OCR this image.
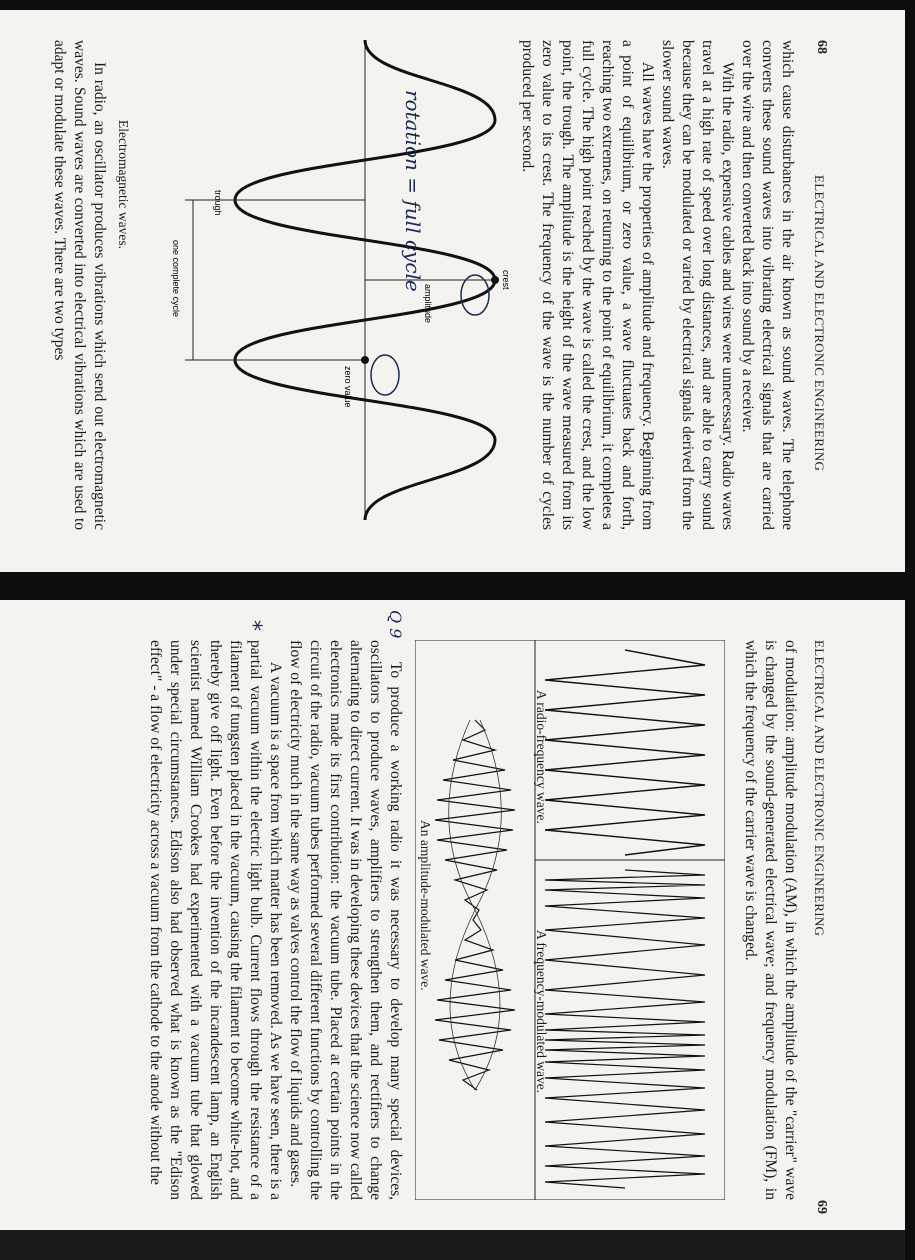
68
ELECTRICAL AND ELECTRONIC ENGINEERING

which cause disturbances in the air known as sound waves. The telephone converts these sound waves into vibrating electrical signals that are carried over the wire and then converted back into sound by a receiver.

With the radio, expensive cables and wires were unnecessary. Radio waves travel at a high rate of speed over long distances, and are able to carry sound because they can be modulated or varied by electrical signals derived from the slower sound waves.

All waves have the properties of amplitude and frequency. Beginning from a point of equilibrium, or zero value, a wave fluctuates back and forth, reaching two extremes, on returning to the point of equilibrium, it completes a full cycle. The high point reached by the wave is called the crest, and the low point, the trough. The amplitude is the height of the wave measured from its zero value to its crest. The frequency of the wave is the number of cycles produced per second.

crest
amplitude
zero value
trough
one complete cycle
Electromagnetic waves.
In radio, an oscillator produces vibrations which send out electromagnetic waves. Sound waves are converted into electrical vibrations which are used to adapt or modulate these waves. There are two types	rotation = full cycle
ELECTRICAL AND ELECTRONIC ENGINEERING
69
of modulation: amplitude modulation (AM), in which the amplitude of the "carrier" wave is changed by the sound-generated electrical wave; and frequency modulation (FM), in which the frequency of the carrier wave is changed.
A radio-frequency wave.
A frequency-modulated wave.
An amplitude-modulated wave.

To produce a working radio it was necessary to develop many special devices, oscillators to produce waves, amplifiers to strengthen them, and rectifiers to change alternating to direct current. It was in developing these devices that the science now called electronics made its first contribution: the vacuum tube. Placed at certain points in the circuit of the radio, vacuum tubes performed several different functions by controlling the flow of electricity much in the same way as valves control the flow of liquids and gases.

A vacuum is a space from which matter has been removed. As we have seen, there is a partial vacuum within the electric light bulb. Current flows through the resistance of a filament of tungsten placed in the vacuum, causing the filament to become white-hot, and thereby give off light. Even before the invention of the incandescent lamp, an English scientist named William Crookes had experimented with a vacuum tube that glowed under special circumstances. Edison also had observed what is known as the "Edison effect" - a flow of electricity across a vacuum from the cathode to the anode without the

Q 9
*
